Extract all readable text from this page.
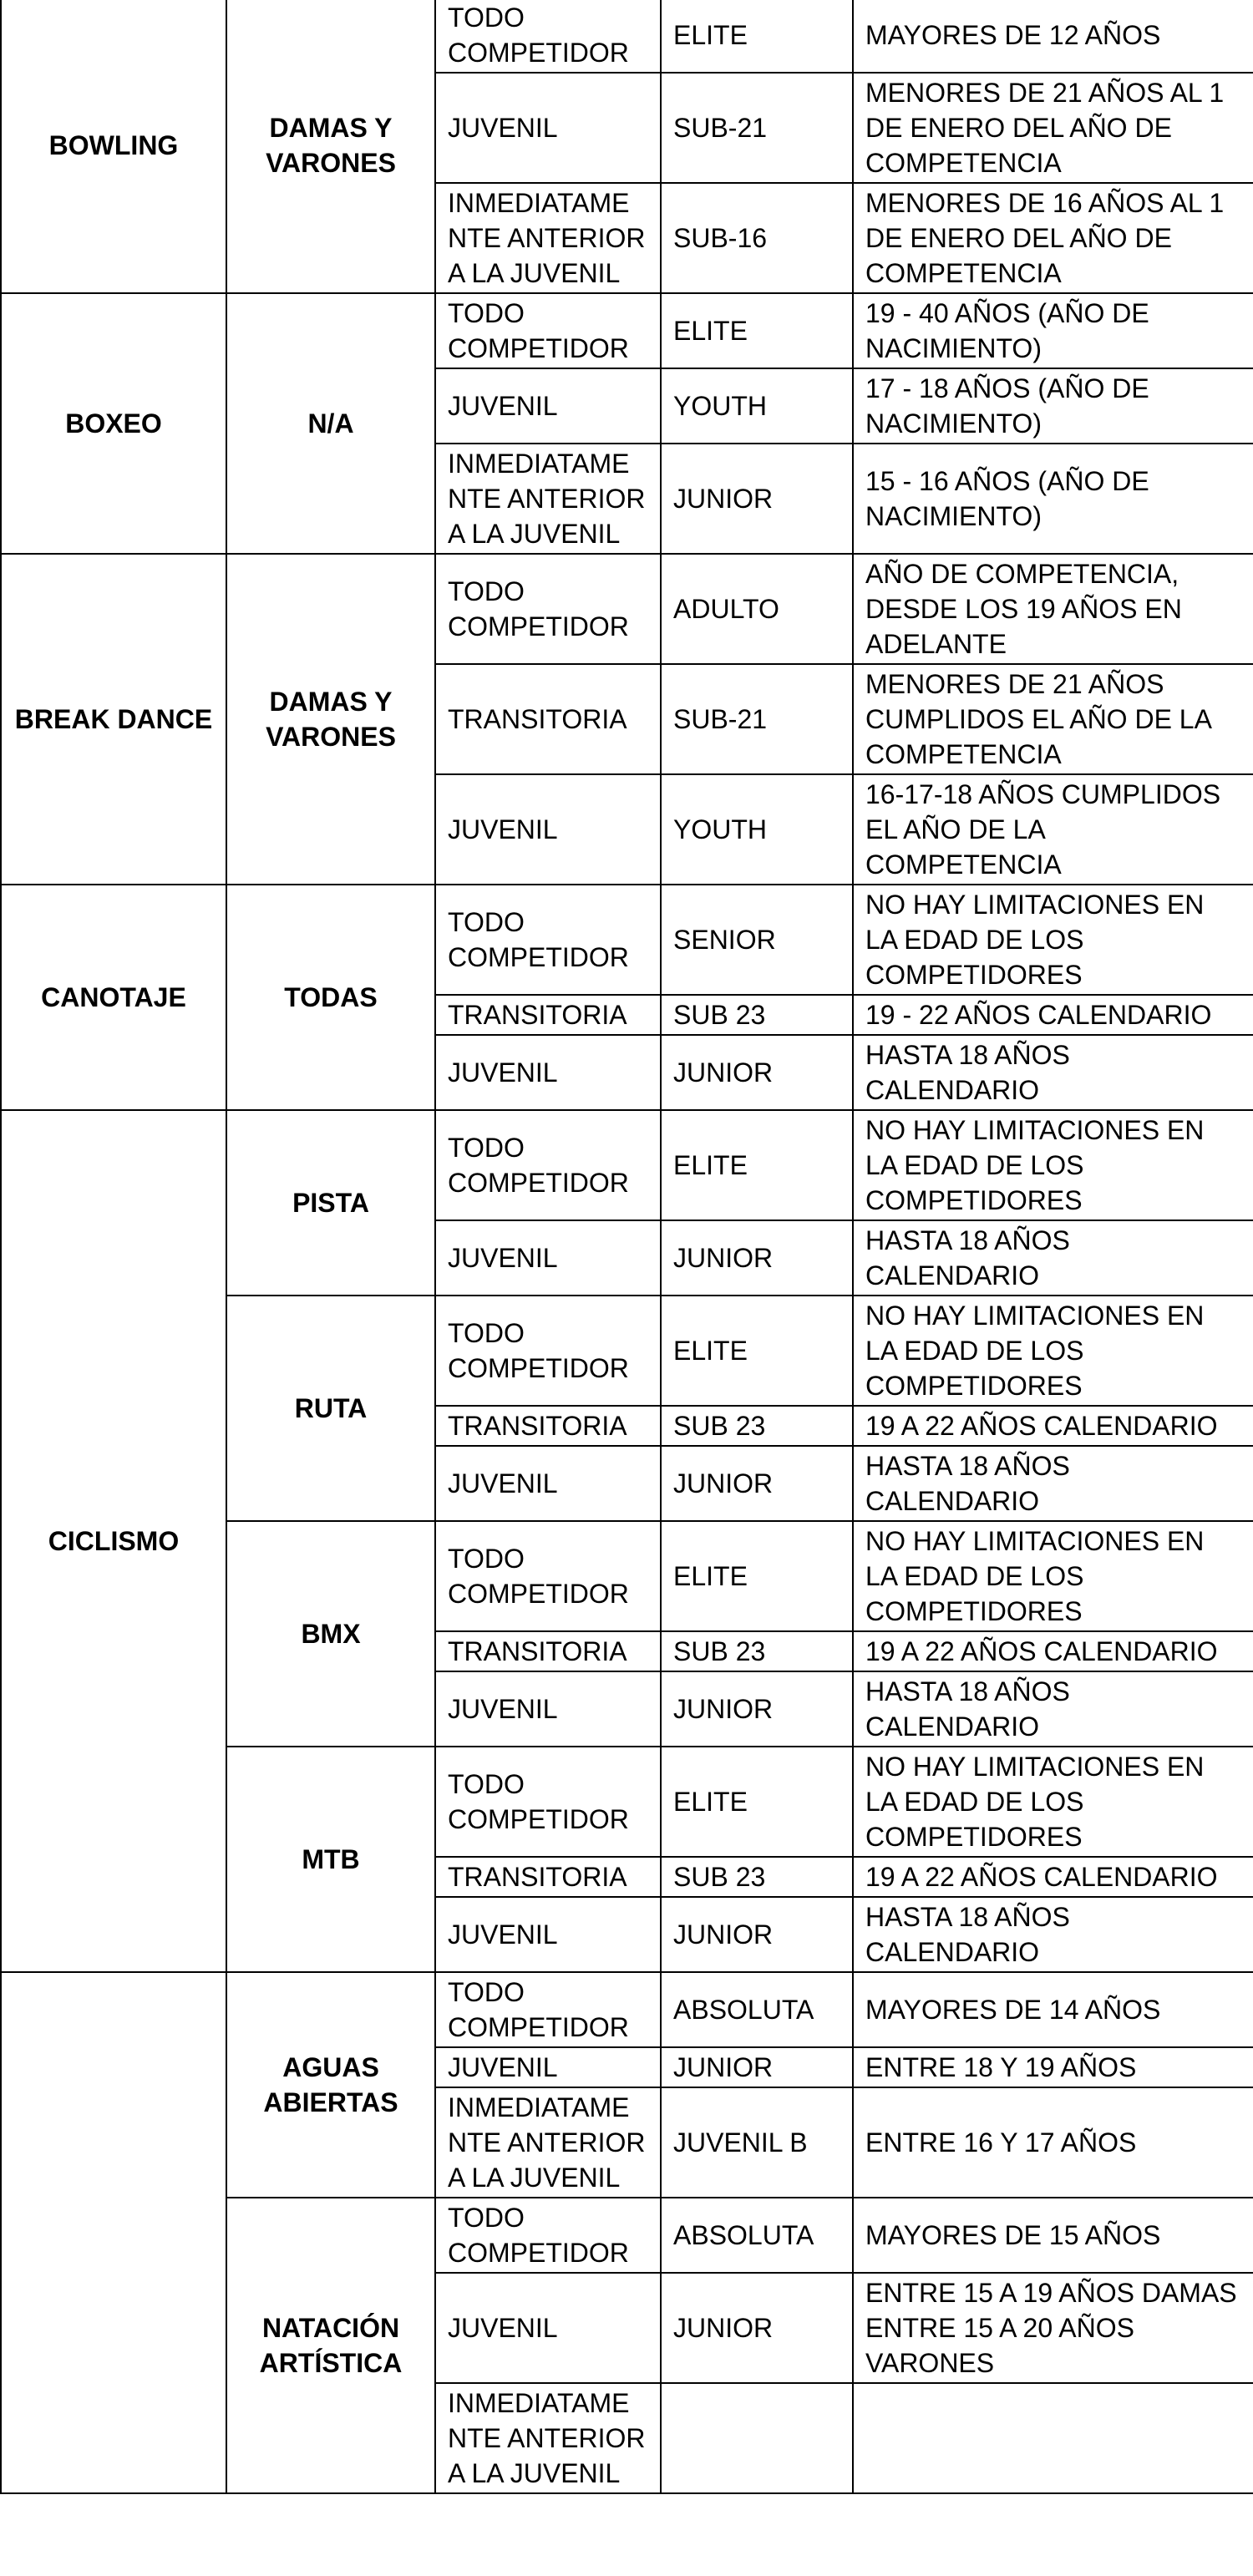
BOWLING	DAMAS Y VARONES	TODO COMPETIDOR	ELITE	MAYORES DE 12 AÑOS
		JUVENIL	SUB-21	MENORES DE 21 AÑOS AL 1 DE ENERO DEL AÑO DE COMPETENCIA
		INMEDIATAMENTE ANTERIOR A LA JUVENIL	SUB-16	MENORES DE 16 AÑOS AL 1 DE ENERO DEL AÑO DE COMPETENCIA
BOXEO	N/A	TODO COMPETIDOR	ELITE	19 - 40 AÑOS (AÑO DE NACIMIENTO)
		JUVENIL	YOUTH	17 - 18 AÑOS (AÑO DE NACIMIENTO)
		INMEDIATAMENTE ANTERIOR A LA JUVENIL	JUNIOR	15 - 16 AÑOS (AÑO DE NACIMIENTO)
BREAK DANCE	DAMAS Y VARONES	TODO COMPETIDOR	ADULTO	AÑO DE COMPETENCIA, DESDE LOS 19 AÑOS EN ADELANTE
		TRANSITORIA	SUB-21	MENORES DE 21 AÑOS CUMPLIDOS EL AÑO DE LA COMPETENCIA
		JUVENIL	YOUTH	16-17-18 AÑOS CUMPLIDOS EL AÑO DE LA COMPETENCIA
CANOTAJE	TODAS	TODO COMPETIDOR	SENIOR	NO HAY LIMITACIONES EN LA EDAD DE LOS COMPETIDORES
		TRANSITORIA	SUB 23	19 - 22 AÑOS CALENDARIO
		JUVENIL	JUNIOR	HASTA 18 AÑOS CALENDARIO
CICLISMO	PISTA	TODO COMPETIDOR	ELITE	NO HAY LIMITACIONES EN LA EDAD DE LOS COMPETIDORES
		JUVENIL	JUNIOR	HASTA 18 AÑOS CALENDARIO
	RUTA	TODO COMPETIDOR	ELITE	NO HAY LIMITACIONES EN LA EDAD DE LOS COMPETIDORES
		TRANSITORIA	SUB 23	19 A 22 AÑOS CALENDARIO
		JUVENIL	JUNIOR	HASTA 18 AÑOS CALENDARIO
	BMX	TODO COMPETIDOR	ELITE	NO HAY LIMITACIONES EN LA EDAD DE LOS COMPETIDORES
		TRANSITORIA	SUB 23	19 A 22 AÑOS CALENDARIO
		JUVENIL	JUNIOR	HASTA 18 AÑOS CALENDARIO
	MTB	TODO COMPETIDOR	ELITE	NO HAY LIMITACIONES EN LA EDAD DE LOS COMPETIDORES
		TRANSITORIA	SUB 23	19 A 22 AÑOS CALENDARIO
		JUVENIL	JUNIOR	HASTA 18 AÑOS CALENDARIO
	AGUAS ABIERTAS	TODO COMPETIDOR	ABSOLUTA	MAYORES DE 14 AÑOS
		JUVENIL	JUNIOR	ENTRE 18 Y 19 AÑOS
		INMEDIATAMENTE ANTERIOR A LA JUVENIL	JUVENIL B	ENTRE 16 Y 17 AÑOS
	NATACIÓN ARTÍSTICA	TODO COMPETIDOR	ABSOLUTA	MAYORES DE 15 AÑOS
		JUVENIL	JUNIOR	ENTRE 15 A 19 AÑOS DAMAS
ENTRE 15 A 20 AÑOS VARONES
		INMEDIATAMENTE ANTERIOR A LA JUVENIL		
